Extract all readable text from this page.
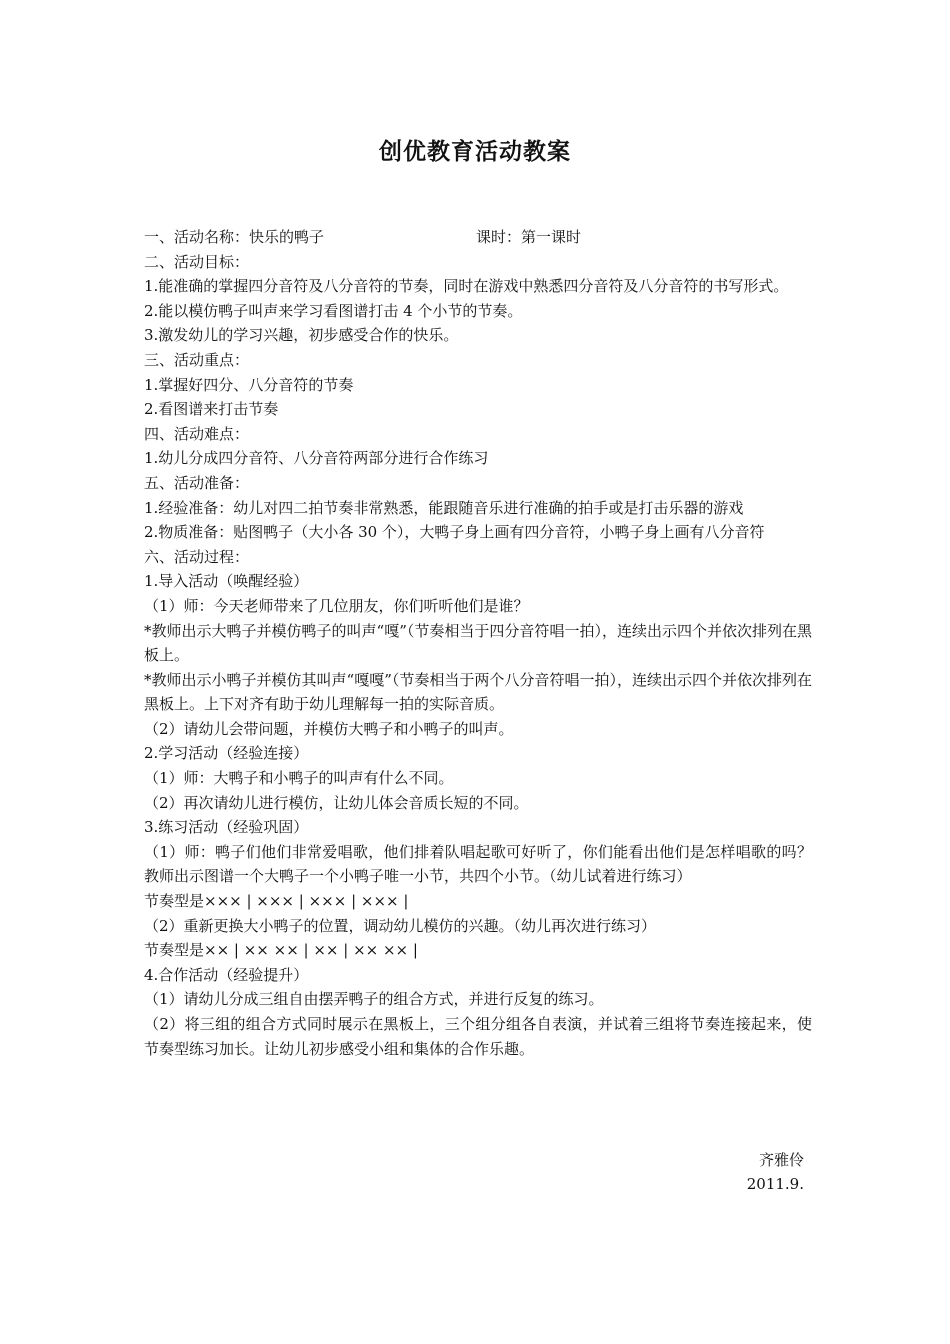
创优教育活动教案
一、活动名称：快乐的鸭子	课时：第一课时
二、活动目标：
1.能准确的掌握四分音符及八分音符的节奏，同时在游戏中熟悉四分音符及八分音符的书写形式。
2.能以模仿鸭子叫声来学习看图谱打击 4 个小节的节奏。
3.激发幼儿的学习兴趣，初步感受合作的快乐。
三、活动重点：
1.掌握好四分、八分音符的节奏
2.看图谱来打击节奏
四、活动难点：
1.幼儿分成四分音符、八分音符两部分进行合作练习
五、活动准备：
1.经验准备：幼儿对四二拍节奏非常熟悉，能跟随音乐进行准确的拍手或是打击乐器的游戏
2.物质准备：贴图鸭子（大小各 30 个），大鸭子身上画有四分音符，小鸭子身上画有八分音符
六、活动过程：
1.导入活动（唤醒经验）
（1）师：今天老师带来了几位朋友，你们听听他们是谁？
*教师出示大鸭子并模仿鸭子的叫声“嘎”（节奏相当于四分音符唱一拍），连续出示四个并依次排列在黑板上。
*教师出示小鸭子并模仿其叫声“嘎嘎”（节奏相当于两个八分音符唱一拍），连续出示四个并依次排列在黑板上。上下对齐有助于幼儿理解每一拍的实际音质。
（2）请幼儿会带问题，并模仿大鸭子和小鸭子的叫声。
2.学习活动（经验连接）
（1）师：大鸭子和小鸭子的叫声有什么不同。
（2）再次请幼儿进行模仿，让幼儿体会音质长短的不同。
3.练习活动（经验巩固）
（1）师：鸭子们他们非常爱唱歌，他们排着队唱起歌可好听了，你们能看出他们是怎样唱歌的吗？教师出示图谱一个大鸭子一个小鸭子唯一小节，共四个小节。（幼儿试着进行练习）
节奏型是××× | ××× | ××× | ××× |
（2）重新更换大小鸭子的位置，调动幼儿模仿的兴趣。（幼儿再次进行练习）
节奏型是×× | ×× ×× | ×× | ×× ×× |
4.合作活动（经验提升）
（1）请幼儿分成三组自由摆弄鸭子的组合方式，并进行反复的练习。
（2）将三组的组合方式同时展示在黑板上，三个组分组各自表演，并试着三组将节奏连接起来，使节奏型练习加长。让幼儿初步感受小组和集体的合作乐趣。
齐雅伶
2011.9.
